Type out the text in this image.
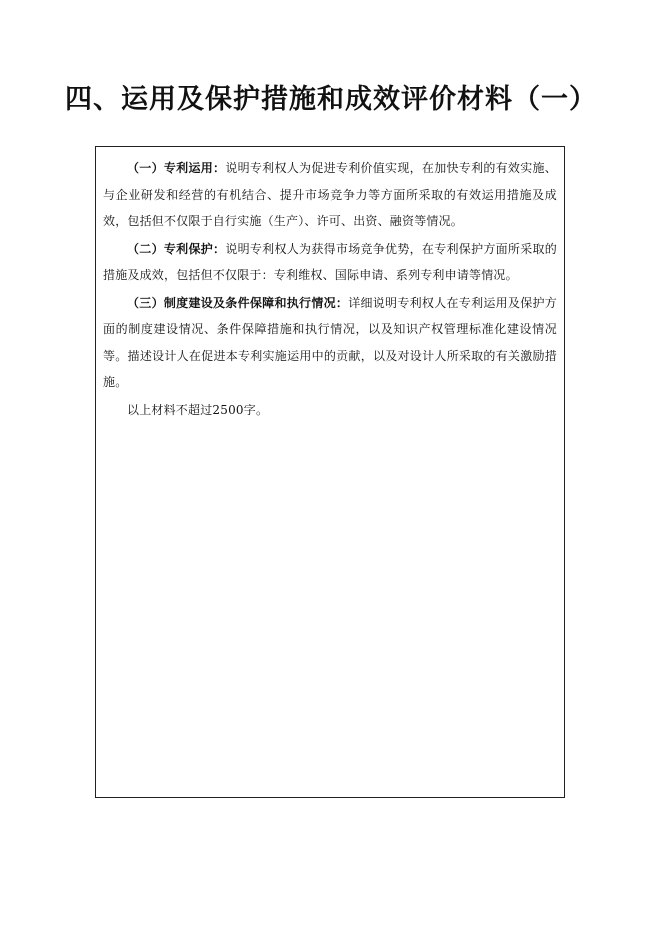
四、运用及保护措施和成效评价材料（一）

（一）专利运用：说明专利权人为促进专利价值实现，在加快专利的有效实施、与企业研发和经营的有机结合、提升市场竞争力等方面所采取的有效运用措施及成效，包括但不仅限于自行实施（生产）、许可、出资、融资等情况。

（二）专利保护：说明专利权人为获得市场竞争优势，在专利保护方面所采取的措施及成效，包括但不仅限于：专利维权、国际申请、系列专利申请等情况。

（三）制度建设及条件保障和执行情况：详细说明专利权人在专利运用及保护方面的制度建设情况、条件保障措施和执行情况，以及知识产权管理标准化建设情况等。描述设计人在促进本专利实施运用中的贡献，以及对设计人所采取的有关激励措施。

以上材料不超过2500字。
